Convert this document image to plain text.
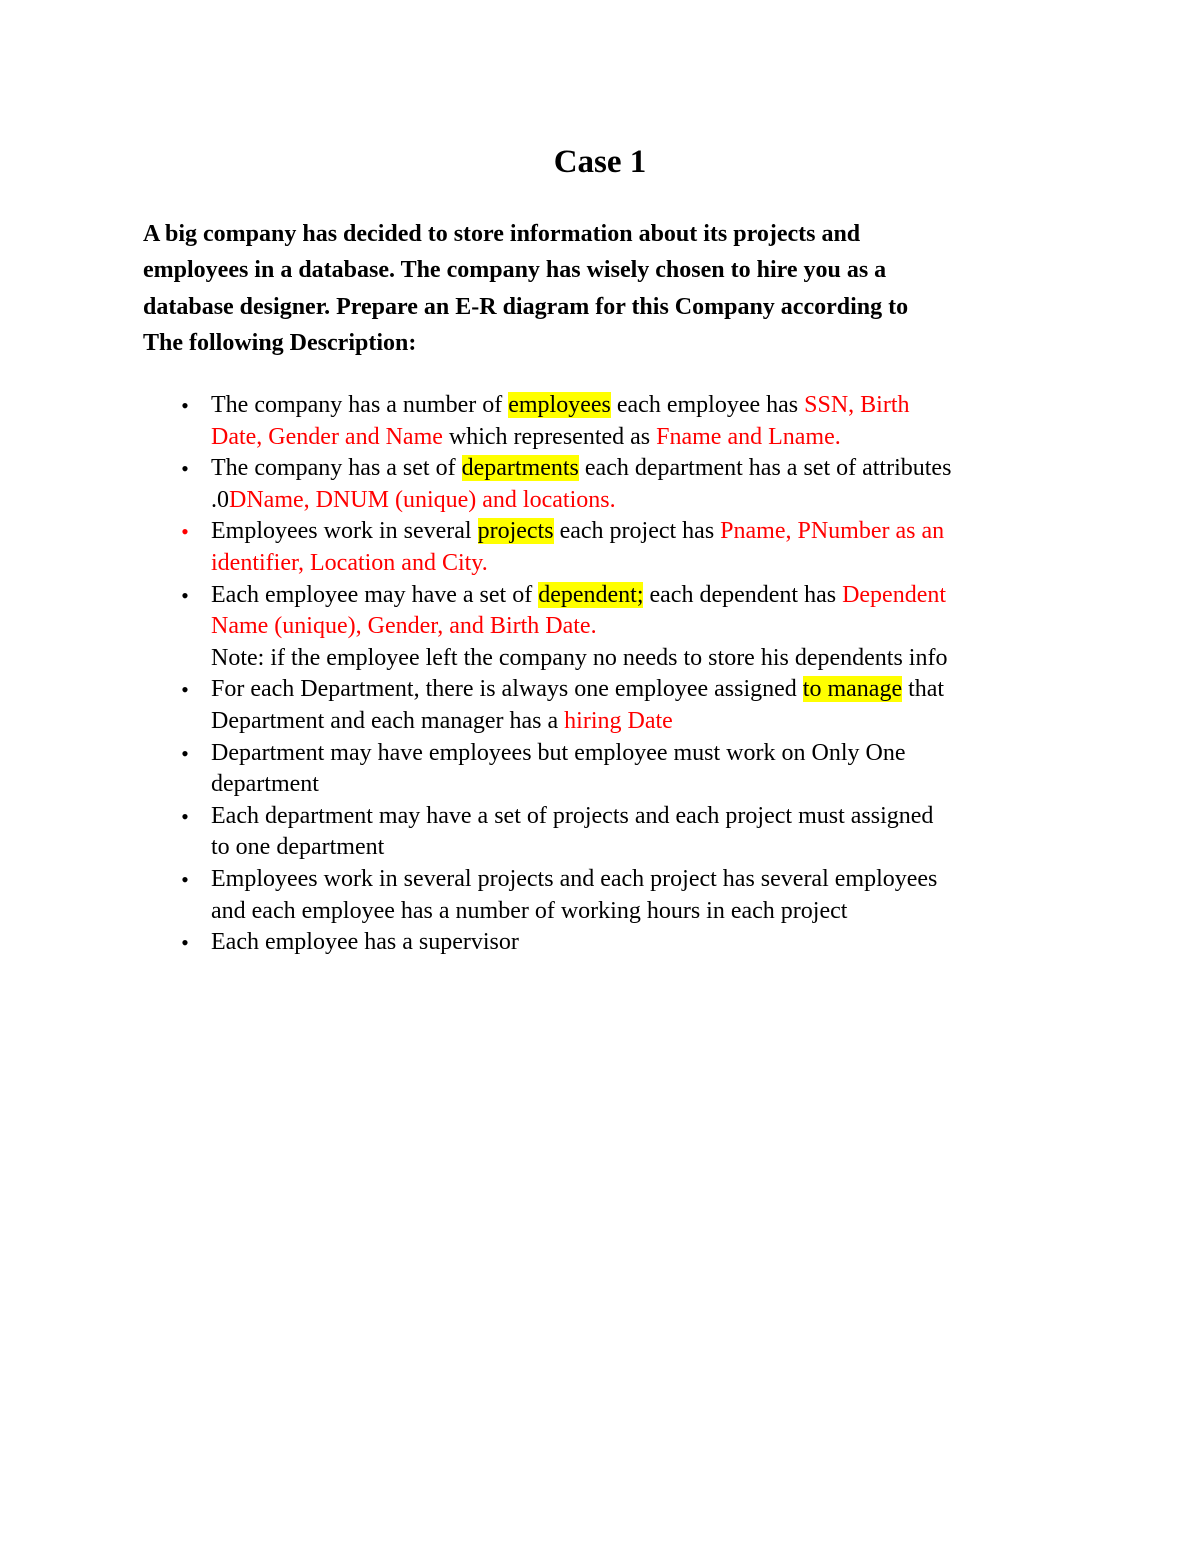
Case 1
A big company has decided to store information about its projects and
employees in a database. The company has wisely chosen to hire you as a
database designer. Prepare an E-R diagram for this Company according to
The following Description:
• The company has a number of employees each employee has SSN, Birth
Date, Gender and Name which represented as Fname and Lname.
• The company has a set of departments each department has a set of attributes
.0DName, DNUM (unique) and locations.
• Employees work in several projects each project has Pname, PNumber as an
identifier, Location and City.
• Each employee may have a set of dependent; each dependent has Dependent
Name (unique), Gender, and Birth Date.
Note: if the employee left the company no needs to store his dependents info
• For each Department, there is always one employee assigned to manage that
Department and each manager has a hiring Date
• Department may have employees but employee must work on Only One
department
• Each department may have a set of projects and each project must assigned
to one department
• Employees work in several projects and each project has several employees
and each employee has a number of working hours in each project
• Each employee has a supervisor
